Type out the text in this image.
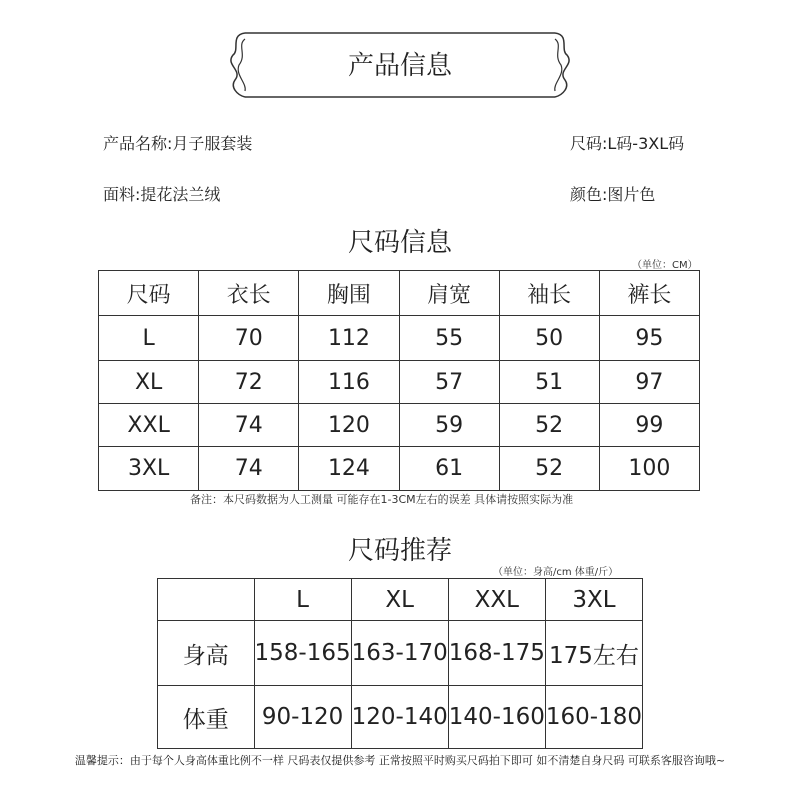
产品信息
产品名称:月子服套装	尺码:L码-3XL码
面料:提花法兰绒	颜色:图片色
尺码信息
（单位：CM）
尺码	衣长	胸围	肩宽	袖长	裤长
L	70	112	55	50	95
XL	72	116	57	51	97
XXL	74	120	59	52	99
3XL	74	124	61	52	100
备注：本尺码数据为人工测量 可能存在1-3CM左右的误差 具体请按照实际为准
尺码推荐
（单位：身高/cm 体重/斤）
	L	XL	XXL	3XL
身高	158-165	163-170	168-175	175左右
体重	90-120	120-140	140-160	160-180
温馨提示：由于每个人身高体重比例不一样 尺码表仅提供参考 正常按照平时购买尺码拍下即可 如不清楚自身尺码 可联系客服咨询哦~
